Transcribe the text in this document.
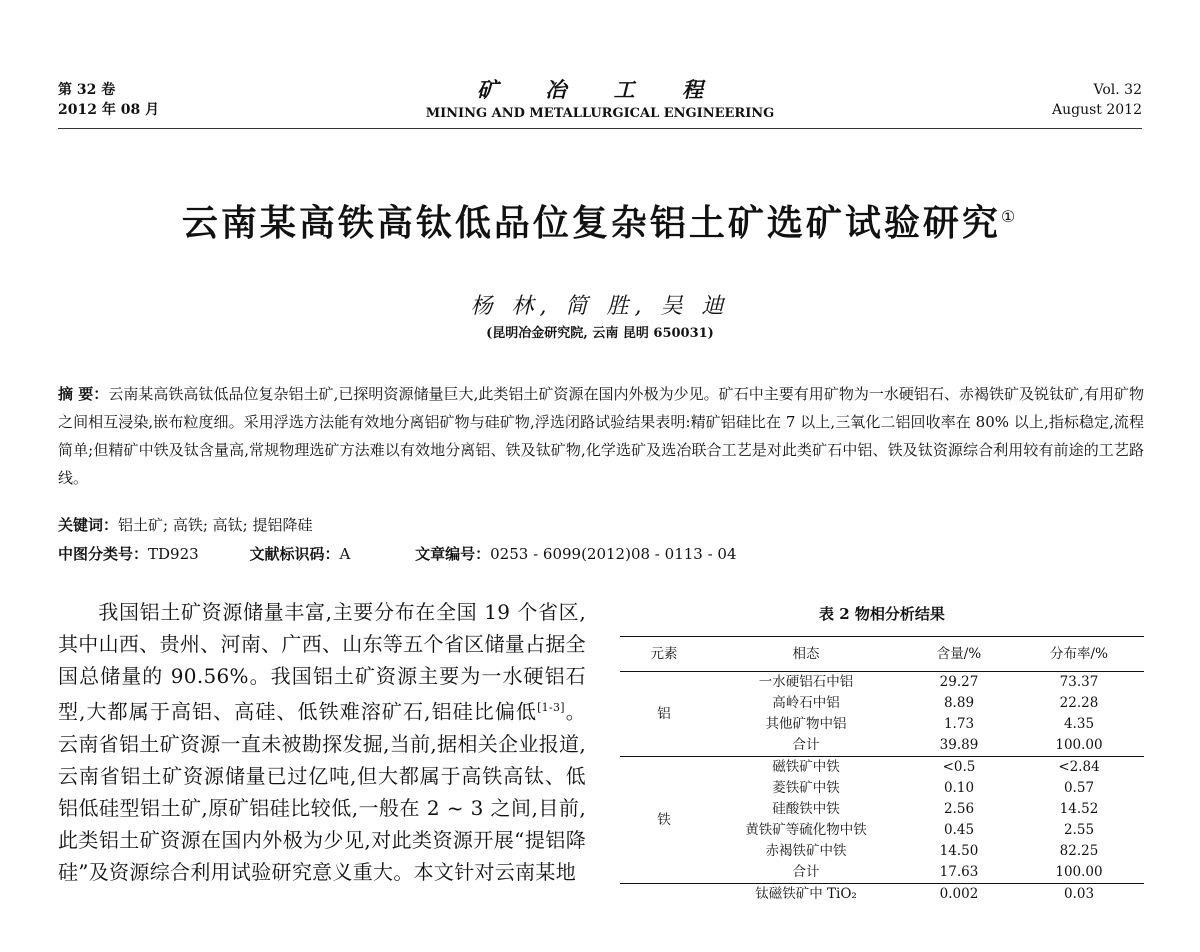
第 32 卷
2012 年 08 月
矿 冶 工 程
MINING AND METALLURGICAL ENGINEERING
Vol. 32
August 2012
云南某高铁高钛低品位复杂铝土矿选矿试验研究①
杨 林, 简 胜, 吴 迪
(昆明冶金研究院, 云南 昆明 650031)
摘 要：云南某高铁高钛低品位复杂铝土矿,已探明资源储量巨大,此类铝土矿资源在国内外极为少见。矿石中主要有用矿物为一水硬铝石、赤褐铁矿及锐钛矿,有用矿物之间相互浸染,嵌布粒度细。采用浮选方法能有效地分离铝矿物与硅矿物,浮选闭路试验结果表明:精矿铝硅比在 7 以上,三氧化二铝回收率在 80% 以上,指标稳定,流程简单;但精矿中铁及钛含量高,常规物理选矿方法难以有效地分离铝、铁及钛矿物,化学选矿及选冶联合工艺是对此类矿石中铝、铁及钛资源综合利用较有前途的工艺路线。
关键词：铝土矿; 高铁; 高钛; 提铝降硅
中图分类号：TD923	文献标识码：A	文章编号：0253 - 6099(2012)08 - 0113 - 04
我国铝土矿资源储量丰富,主要分布在全国 19 个省区,其中山西、贵州、河南、广西、山东等五个省区储量占据全国总储量的 90.56%。我国铝土矿资源主要为一水硬铝石型,大都属于高铝、高硅、低铁难溶矿石,铝硅比偏低[1-3]。云南省铝土矿资源一直未被勘探发掘,当前,据相关企业报道,云南省铝土矿资源储量已过亿吨,但大都属于高铁高钛、低铝低硅型铝土矿,原矿铝硅比较低,一般在 2 ~ 3 之间,目前,此类铝土矿资源在国内外极为少见,对此类资源开展“提铝降硅”及资源综合利用试验研究意义重大。本文针对云南某地
表 2 物相分析结果
元素	相态	含量/%	分布率/%
铝	一水硬铝石中铝	29.27	73.37
	高岭石中铝	8.89	22.28
	其他矿物中铝	1.73	4.35
	合计	39.89	100.00
铁	磁铁矿中铁	<0.5	<2.84
	菱铁矿中铁	0.10	0.57
	硅酸铁中铁	2.56	14.52
	黄铁矿等硫化物中铁	0.45	2.55
	赤褐铁矿中铁	14.50	82.25
	合计	17.63	100.00
	钛磁铁矿中 TiO₂	0.002	0.03
